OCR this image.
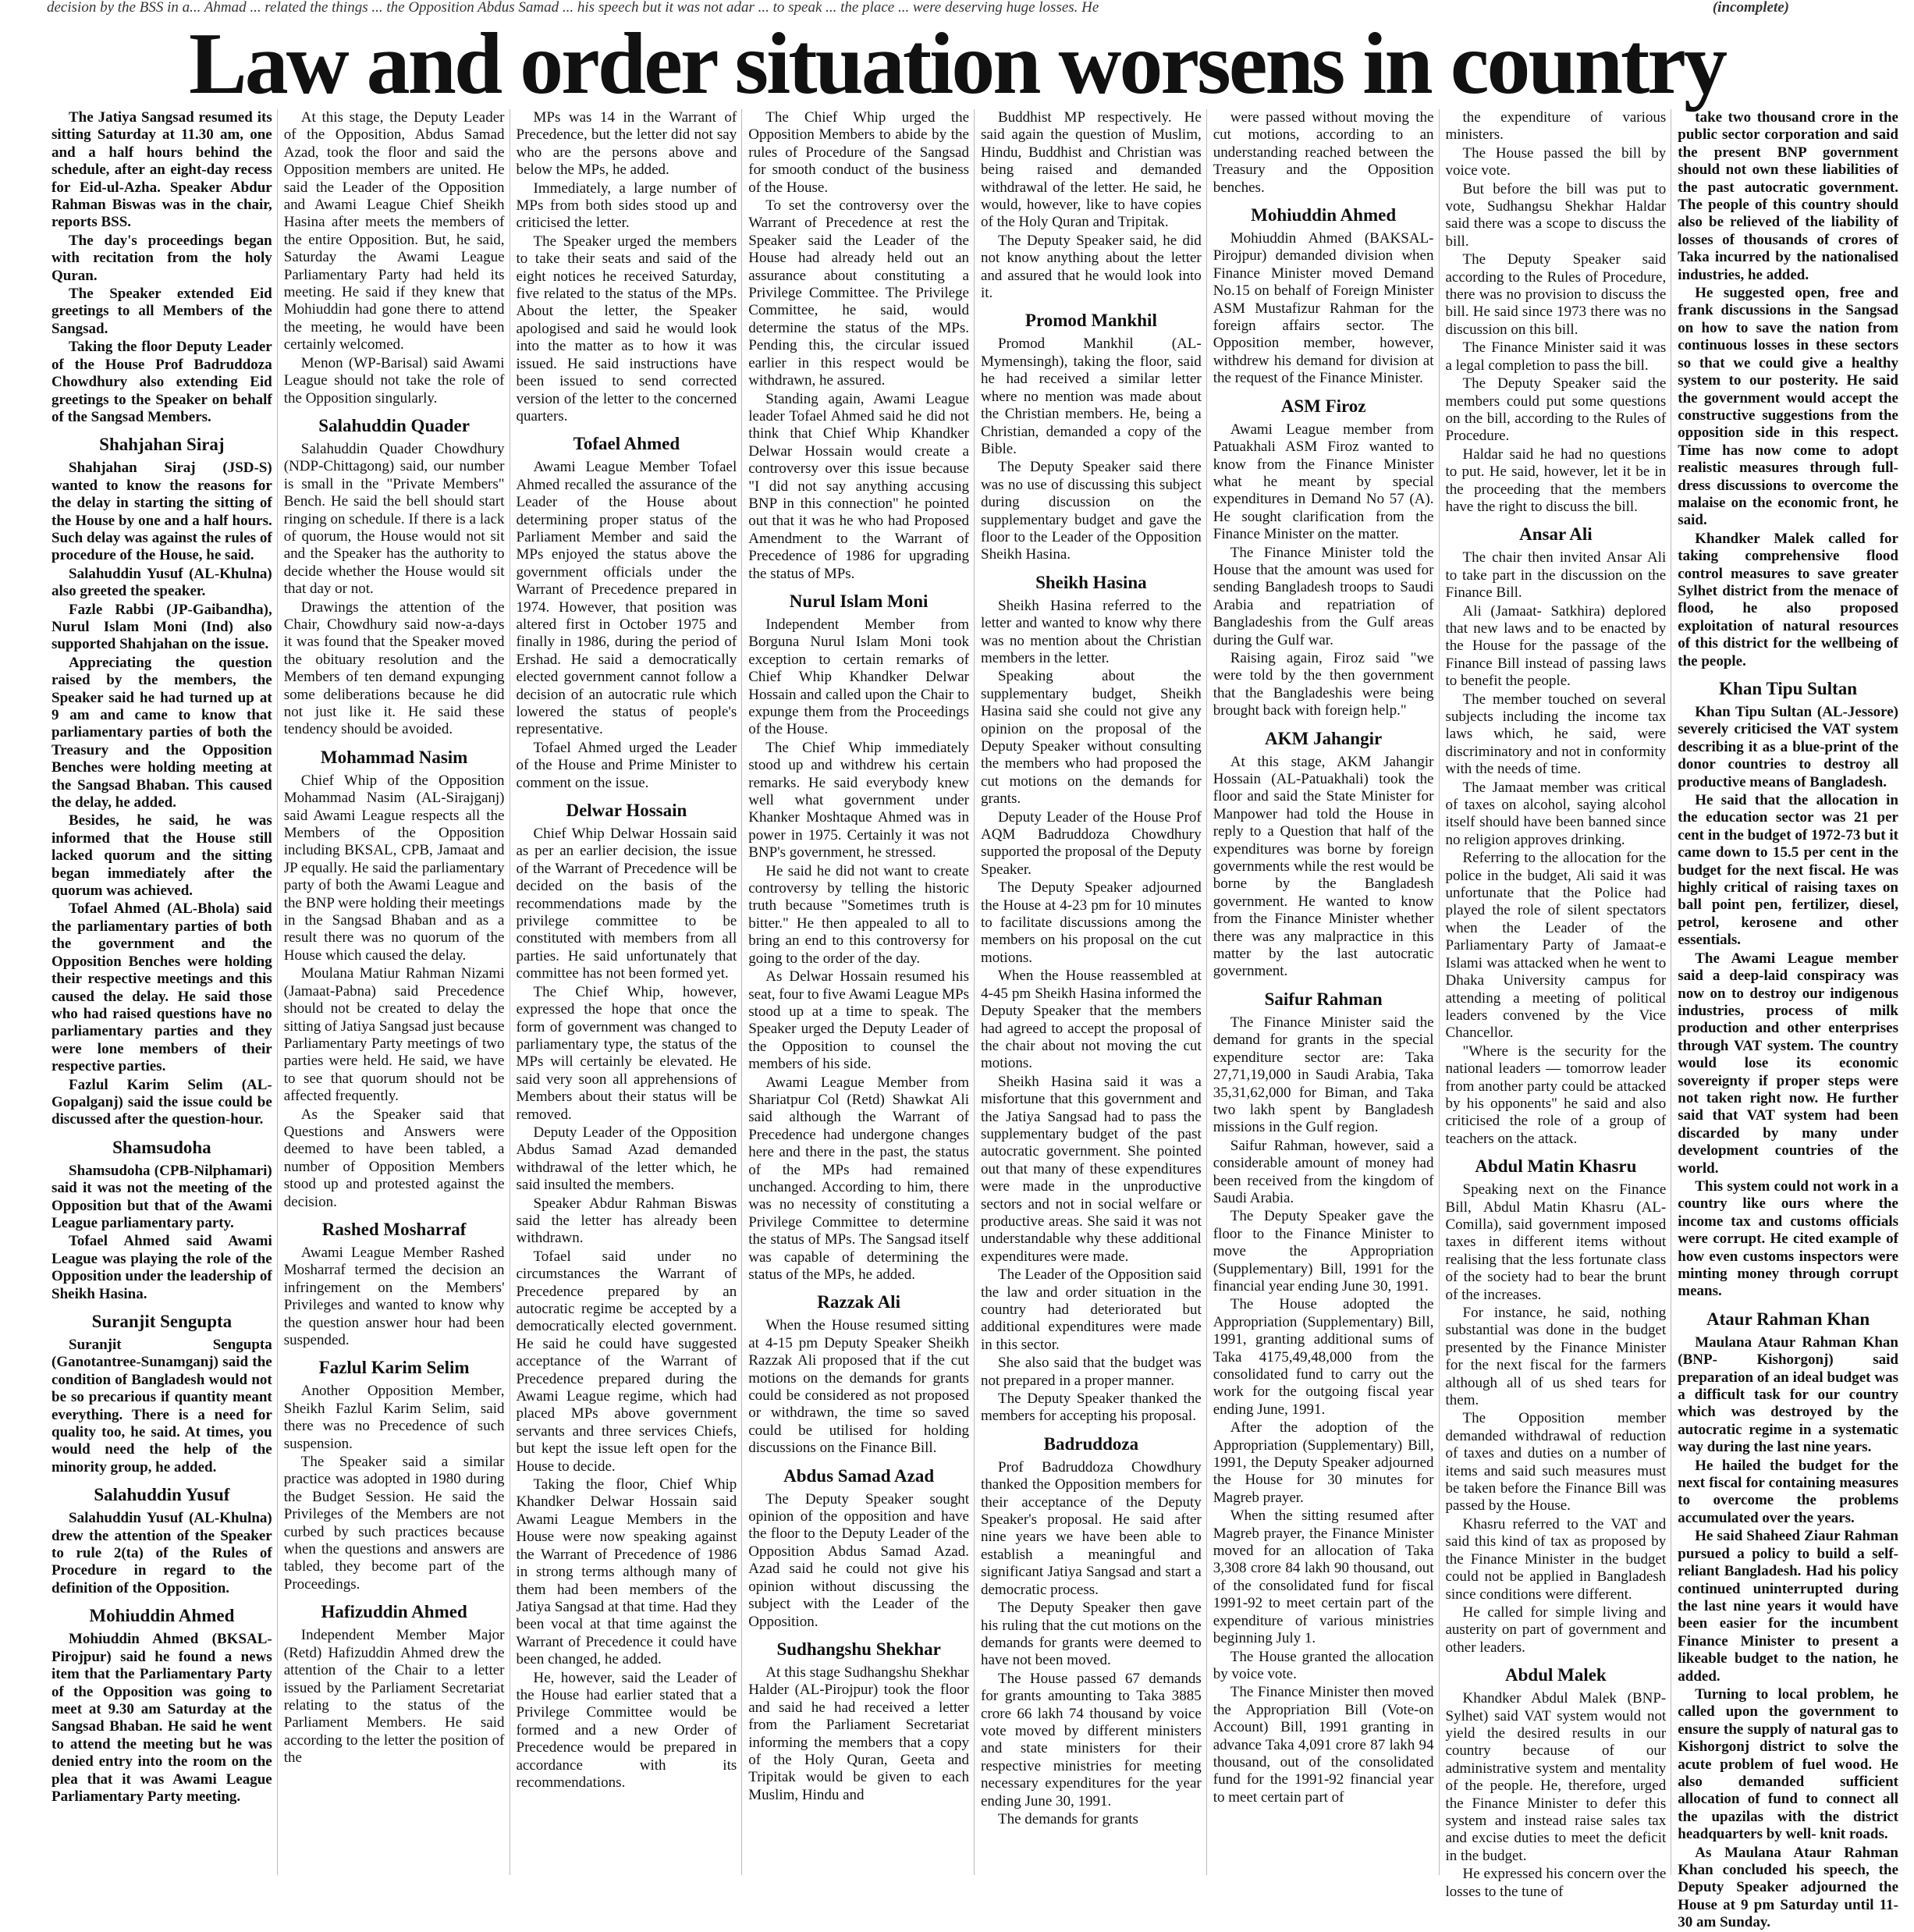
decision by the BSS in a... Ahmad ... related the things ... the Opposition Abdus Samad ... his speech but it was not adar ... to speak ... the place ... were deserving huge losses. He	(incomplete)
Law and order situation worsens in country

The Jatiya Sangsad resumed its sitting Saturday at 11.30 am, one and a half hours behind the schedule, after an eight-day recess for Eid-ul-Azha. Speaker Abdur Rahman Biswas was in the chair, reports BSS.

The day's proceedings began with recitation from the holy Quran.

The Speaker extended Eid greetings to all Members of the Sangsad.

Taking the floor Deputy Leader of the House Prof Badruddoza Chowdhury also extending Eid greetings to the Speaker on behalf of the Sangsad Members.

Shahjahan Siraj

Shahjahan Siraj (JSD-S) wanted to know the reasons for the delay in starting the sitting of the House by one and a half hours. Such delay was against the rules of procedure of the House, he said.

Salahuddin Yusuf (AL-Khulna) also greeted the speaker.

Fazle Rabbi (JP-Gaibandha), Nurul Islam Moni (Ind) also supported Shahjahan on the issue.

Appreciating the question raised by the members, the Speaker said he had turned up at 9 am and came to know that parliamentary parties of both the Treasury and the Opposition Benches were holding meeting at the Sangsad Bhaban. This caused the delay, he added.

Besides, he said, he was informed that the House still lacked quorum and the sitting began immediately after the quorum was achieved.

Tofael Ahmed (AL-Bhola) said the parliamentary parties of both the government and the Opposition Benches were holding their respective meetings and this caused the delay. He said those who had raised questions have no parliamentary parties and they were lone members of their respective parties.

Fazlul Karim Selim (AL-Gopalganj) said the issue could be discussed after the question-hour.

Shamsudoha

Shamsudoha (CPB-Nilphamari) said it was not the meeting of the Opposition but that of the Awami League parliamentary party.

Tofael Ahmed said Awami League was playing the role of the Opposition under the leadership of Sheikh Hasina.

Suranjit Sengupta

Suranjit Sengupta (Ganotantree-Sunamganj) said the condition of Bangladesh would not be so precarious if quantity meant everything. There is a need for quality too, he said. At times, you would need the help of the minority group, he added.

Salahuddin Yusuf

Salahuddin Yusuf (AL-Khulna) drew the attention of the Speaker to rule 2(ta) of the Rules of Procedure in regard to the definition of the Opposition.

Mohiuddin Ahmed

Mohiuddin Ahmed (BKSAL-Pirojpur) said he found a news item that the Parliamentary Party of the Opposition was going to meet at 9.30 am Saturday at the Sangsad Bhaban. He said he went to attend the meeting but he was denied entry into the room on the plea that it was Awami League Parliamentary Party meeting.

At this stage, the Deputy Leader of the Opposition, Abdus Samad Azad, took the floor and said the Opposition members are united. He said the Leader of the Opposition and Awami League Chief Sheikh Hasina after meets the members of the entire Opposition. But, he said, Saturday the Awami League Parliamentary Party had held its meeting. He said if they knew that Mohiuddin had gone there to attend the meeting, he would have been certainly welcomed.

Menon (WP-Barisal) said Awami League should not take the role of the Opposition singularly.

Salahuddin Quader

Salahuddin Quader Chowdhury (NDP-Chittagong) said, our number is small in the "Private Members" Bench. He said the bell should start ringing on schedule. If there is a lack of quorum, the House would not sit and the Speaker has the authority to decide whether the House would sit that day or not.

Drawings the attention of the Chair, Chowdhury said now-a-days it was found that the Speaker moved the obituary resolution and the Members of ten demand expunging some deliberations because he did not just like it. He said these tendency should be avoided.

Mohammad Nasim

Chief Whip of the Opposition Mohammad Nasim (AL-Sirajganj) said Awami League respects all the Members of the Opposition including BKSAL, CPB, Jamaat and JP equally. He said the parliamentary party of both the Awami League and the BNP were holding their meetings in the Sangsad Bhaban and as a result there was no quorum of the House which caused the delay.

Moulana Matiur Rahman Nizami (Jamaat-Pabna) said Precedence should not be created to delay the sitting of Jatiya Sangsad just because Parliamentary Party meetings of two parties were held. He said, we have to see that quorum should not be affected frequently.

As the Speaker said that Questions and Answers were deemed to have been tabled, a number of Opposition Members stood up and protested against the decision.

Rashed Mosharraf

Awami League Member Rashed Mosharraf termed the decision an infringement on the Members' Privileges and wanted to know why the question answer hour had been suspended.

Fazlul Karim Selim

Another Opposition Member, Sheikh Fazlul Karim Selim, said there was no Precedence of such suspension.

The Speaker said a similar practice was adopted in 1980 during the Budget Session. He said the Privileges of the Members are not curbed by such practices because when the questions and answers are tabled, they become part of the Proceedings.

Hafizuddin Ahmed

Independent Member Major (Retd) Hafizuddin Ahmed drew the attention of the Chair to a letter issued by the Parliament Secretariat relating to the status of the Parliament Members. He said according to the letter the position of the

MPs was 14 in the Warrant of Precedence, but the letter did not say who are the persons above and below the MPs, he added.

Immediately, a large number of MPs from both sides stood up and criticised the letter.

The Speaker urged the members to take their seats and said of the eight notices he received Saturday, five related to the status of the MPs. About the letter, the Speaker apologised and said he would look into the matter as to how it was issued. He said instructions have been issued to send corrected version of the letter to the concerned quarters.

Tofael Ahmed

Awami League Member Tofael Ahmed recalled the assurance of the Leader of the House about determining proper status of the Parliament Member and said the MPs enjoyed the status above the government officials under the Warrant of Precedence prepared in 1974. However, that position was altered first in October 1975 and finally in 1986, during the period of Ershad. He said a democratically elected government cannot follow a decision of an autocratic rule which lowered the status of people's representative.

Tofael Ahmed urged the Leader of the House and Prime Minister to comment on the issue.

Delwar Hossain

Chief Whip Delwar Hossain said as per an earlier decision, the issue of the Warrant of Precedence will be decided on the basis of the recommendations made by the privilege committee to be constituted with members from all parties. He said unfortunately that committee has not been formed yet.

The Chief Whip, however, expressed the hope that once the form of government was changed to parliamentary type, the status of the MPs will certainly be elevated. He said very soon all apprehensions of Members about their status will be removed.

Deputy Leader of the Opposition Abdus Samad Azad demanded withdrawal of the letter which, he said insulted the members.

Speaker Abdur Rahman Biswas said the letter has already been withdrawn.

Tofael said under no circumstances the Warrant of Precedence prepared by an autocratic regime be accepted by a democratically elected government. He said he could have suggested acceptance of the Warrant of Precedence prepared during the Awami League regime, which had placed MPs above government servants and three services Chiefs, but kept the issue left open for the House to decide.

Taking the floor, Chief Whip Khandker Delwar Hossain said Awami League Members in the House were now speaking against the Warrant of Precedence of 1986 in strong terms although many of them had been members of the Jatiya Sangsad at that time. Had they been vocal at that time against the Warrant of Precedence it could have been changed, he added.

He, however, said the Leader of the House had earlier stated that a Privilege Committee would be formed and a new Order of Precedence would be prepared in accordance with its recommendations.

The Chief Whip urged the Opposition Members to abide by the rules of Procedure of the Sangsad for smooth conduct of the business of the House.

To set the controversy over the Warrant of Precedence at rest the Speaker said the Leader of the House had already held out an assurance about constituting a Privilege Committee. The Privilege Committee, he said, would determine the status of the MPs. Pending this, the circular issued earlier in this respect would be withdrawn, he assured.

Standing again, Awami League leader Tofael Ahmed said he did not think that Chief Whip Khandker Delwar Hossain would create a controversy over this issue because "I did not say anything accusing BNP in this connection" he pointed out that it was he who had Proposed Amendment to the Warrant of Precedence of 1986 for upgrading the status of MPs.

Nurul Islam Moni

Independent Member from Borguna Nurul Islam Moni took exception to certain remarks of Chief Whip Khandker Delwar Hossain and called upon the Chair to expunge them from the Proceedings of the House.

The Chief Whip immediately stood up and withdrew his certain remarks. He said everybody knew well what government under Khanker Moshtaque Ahmed was in power in 1975. Certainly it was not BNP's government, he stressed.

He said he did not want to create controversy by telling the historic truth because "Sometimes truth is bitter." He then appealed to all to bring an end to this controversy for going to the order of the day.

As Delwar Hossain resumed his seat, four to five Awami League MPs stood up at a time to speak. The Speaker urged the Deputy Leader of the Opposition to counsel the members of his side.

Awami League Member from Shariatpur Col (Retd) Shawkat Ali said although the Warrant of Precedence had undergone changes here and there in the past, the status of the MPs had remained unchanged. According to him, there was no necessity of constituting a Privilege Committee to determine the status of MPs. The Sangsad itself was capable of determining the status of the MPs, he added.

Razzak Ali

When the House resumed sitting at 4-15 pm Deputy Speaker Sheikh Razzak Ali proposed that if the cut motions on the demands for grants could be considered as not proposed or withdrawn, the time so saved could be utilised for holding discussions on the Finance Bill.

Abdus Samad Azad

The Deputy Speaker sought opinion of the opposition and have the floor to the Deputy Leader of the Opposition Abdus Samad Azad. Azad said he could not give his opinion without discussing the subject with the Leader of the Opposition.

Sudhangshu Shekhar

At this stage Sudhangshu Shekhar Halder (AL-Pirojpur) took the floor and said he had received a letter from the Parliament Secretariat informing the members that a copy of the Holy Quran, Geeta and Tripitak would be given to each Muslim, Hindu and

Buddhist MP respectively. He said again the question of Muslim, Hindu, Buddhist and Christian was being raised and demanded withdrawal of the letter. He said, he would, however, like to have copies of the Holy Quran and Tripitak.

The Deputy Speaker said, he did not know anything about the letter and assured that he would look into it.

Promod Mankhil

Promod Mankhil (AL-Mymensingh), taking the floor, said he had received a similar letter where no mention was made about the Christian members. He, being a Christian, demanded a copy of the Bible.

The Deputy Speaker said there was no use of discussing this subject during discussion on the supplementary budget and gave the floor to the Leader of the Opposition Sheikh Hasina.

Sheikh Hasina

Sheikh Hasina referred to the letter and wanted to know why there was no mention about the Christian members in the letter.

Speaking about the supplementary budget, Sheikh Hasina said she could not give any opinion on the proposal of the Deputy Speaker without consulting the members who had proposed the cut motions on the demands for grants.

Deputy Leader of the House Prof AQM Badruddoza Chowdhury supported the proposal of the Deputy Speaker.

The Deputy Speaker adjourned the House at 4-23 pm for 10 minutes to facilitate discussions among the members on his proposal on the cut motions.

When the House reassembled at 4-45 pm Sheikh Hasina informed the Deputy Speaker that the members had agreed to accept the proposal of the chair about not moving the cut motions.

Sheikh Hasina said it was a misfortune that this government and the Jatiya Sangsad had to pass the supplementary budget of the past autocratic government. She pointed out that many of these expenditures were made in the unproductive sectors and not in social welfare or productive areas. She said it was not understandable why these additional expenditures were made.

The Leader of the Opposition said the law and order situation in the country had deteriorated but additional expenditures were made in this sector.

She also said that the budget was not prepared in a proper manner.

The Deputy Speaker thanked the members for accepting his proposal.

Badruddoza

Prof Badruddoza Chowdhury thanked the Opposition members for their acceptance of the Deputy Speaker's proposal. He said after nine years we have been able to establish a meaningful and significant Jatiya Sangsad and start a democratic process.

The Deputy Speaker then gave his ruling that the cut motions on the demands for grants were deemed to have not been moved.

The House passed 67 demands for grants amounting to Taka 3885 crore 66 lakh 74 thousand by voice vote moved by different ministers and state ministers for their respective ministries for meeting necessary expenditures for the year ending June 30, 1991.

The demands for grants

were passed without moving the cut motions, according to an understanding reached between the Treasury and the Opposition benches.

Mohiuddin Ahmed

Mohiuddin Ahmed (BAKSAL- Pirojpur) demanded division when Finance Minister moved Demand No.15 on behalf of Foreign Minister ASM Mustafizur Rahman for the foreign affairs sector. The Opposition member, however, withdrew his demand for division at the request of the Finance Minister.

ASM Firoz

Awami League member from Patuakhali ASM Firoz wanted to know from the Finance Minister what he meant by special expenditures in Demand No 57 (A). He sought clarification from the Finance Minister on the matter.

The Finance Minister told the House that the amount was used for sending Bangladesh troops to Saudi Arabia and repatriation of Bangladeshis from the Gulf areas during the Gulf war.

Raising again, Firoz said "we were told by the then government that the Bangladeshis were being brought back with foreign help."

AKM Jahangir

At this stage, AKM Jahangir Hossain (AL-Patuakhali) took the floor and said the State Minister for Manpower had told the House in reply to a Question that half of the expenditures was borne by foreign governments while the rest would be borne by the Bangladesh government. He wanted to know from the Finance Minister whether there was any malpractice in this matter by the last autocratic government.

Saifur Rahman

The Finance Minister said the demand for grants in the special expenditure sector are: Taka 27,71,19,000 in Saudi Arabia, Taka 35,31,62,000 for Biman, and Taka two lakh spent by Bangladesh missions in the Gulf region.

Saifur Rahman, however, said a considerable amount of money had been received from the kingdom of Saudi Arabia.

The Deputy Speaker gave the floor to the Finance Minister to move the Appropriation (Supplementary) Bill, 1991 for the financial year ending June 30, 1991.

The House adopted the Appropriation (Supplementary) Bill, 1991, granting additional sums of Taka 4175,49,48,000 from the consolidated fund to carry out the work for the outgoing fiscal year ending June, 1991.

After the adoption of the Appropriation (Supplementary) Bill, 1991, the Deputy Speaker adjourned the House for 30 minutes for Magreb prayer.

When the sitting resumed after Magreb prayer, the Finance Minister moved for an allocation of Taka 3,308 crore 84 lakh 90 thousand, out of the consolidated fund for fiscal 1991-92 to meet certain part of the expenditure of various ministries beginning July 1.

The House granted the allocation by voice vote.

The Finance Minister then moved the Appropriation Bill (Vote-on Account) Bill, 1991 granting in advance Taka 4,091 crore 87 lakh 94 thousand, out of the consolidated fund for the 1991-92 financial year to meet certain part of

the expenditure of various ministers.

The House passed the bill by voice vote.

But before the bill was put to vote, Sudhangsu Shekhar Haldar said there was a scope to discuss the bill.

The Deputy Speaker said according to the Rules of Procedure, there was no provision to discuss the bill. He said since 1973 there was no discussion on this bill.

The Finance Minister said it was a legal completion to pass the bill.

The Deputy Speaker said the members could put some questions on the bill, according to the Rules of Procedure.

Haldar said he had no questions to put. He said, however, let it be in the proceeding that the members have the right to discuss the bill.

Ansar Ali

The chair then invited Ansar Ali to take part in the discussion on the Finance Bill.

Ali (Jamaat- Satkhira) deplored that new laws and to be enacted by the House for the passage of the Finance Bill instead of passing laws to benefit the people.

The member touched on several subjects including the income tax laws which, he said, were discriminatory and not in conformity with the needs of time.

The Jamaat member was critical of taxes on alcohol, saying alcohol itself should have been banned since no religion approves drinking.

Referring to the allocation for the police in the budget, Ali said it was unfortunate that the Police had played the role of silent spectators when the Leader of the Parliamentary Party of Jamaat-e Islami was attacked when he went to Dhaka University campus for attending a meeting of political leaders convened by the Vice Chancellor.

"Where is the security for the national leaders — tomorrow leader from another party could be attacked by his opponents" he said and also criticised the role of a group of teachers on the attack.

Abdul Matin Khasru

Speaking next on the Finance Bill, Abdul Matin Khasru (AL- Comilla), said government imposed taxes in different items without realising that the less fortunate class of the society had to bear the brunt of the increases.

For instance, he said, nothing substantial was done in the budget presented by the Finance Minister for the next fiscal for the farmers although all of us shed tears for them.

The Opposition member demanded withdrawal of reduction of taxes and duties on a number of items and said such measures must be taken before the Finance Bill was passed by the House.

Khasru referred to the VAT and said this kind of tax as proposed by the Finance Minister in the budget could not be applied in Bangladesh since conditions were different.

He called for simple living and austerity on part of government and other leaders.

Abdul Malek

Khandker Abdul Malek (BNP- Sylhet) said VAT system would not yield the desired results in our country because of our administrative system and mentality of the people. He, therefore, urged the Finance Minister to defer this system and instead raise sales tax and excise duties to meet the deficit in the budget.

He expressed his concern over the losses to the tune of

take two thousand crore in the public sector corporation and said the present BNP government should not own these liabilities of the past autocratic government. The people of this country should also be relieved of the liability of losses of thousands of crores of Taka incurred by the nationalised industries, he added.

He suggested open, free and frank discussions in the Sangsad on how to save the nation from continuous losses in these sectors so that we could give a healthy system to our posterity. He said the government would accept the constructive suggestions from the opposition side in this respect. Time has now come to adopt realistic measures through full-dress discussions to overcome the malaise on the economic front, he said.

Khandker Malek called for taking comprehensive flood control measures to save greater Sylhet district from the menace of flood, he also proposed exploitation of natural resources of this district for the wellbeing of the people.

Khan Tipu Sultan

Khan Tipu Sultan (AL-Jessore) severely criticised the VAT system describing it as a blue-print of the donor countries to destroy all productive means of Bangladesh.

He said that the allocation in the education sector was 21 per cent in the budget of 1972-73 but it came down to 15.5 per cent in the budget for the next fiscal. He was highly critical of raising taxes on ball point pen, fertilizer, diesel, petrol, kerosene and other essentials.

The Awami League member said a deep-laid conspiracy was now on to destroy our indigenous industries, process of milk production and other enterprises through VAT system. The country would lose its economic sovereignty if proper steps were not taken right now. He further said that VAT system had been discarded by many under development countries of the world.

This system could not work in a country like ours where the income tax and customs officials were corrupt. He cited example of how even customs inspectors were minting money through corrupt means.

Ataur Rahman Khan

Maulana Ataur Rahman Khan (BNP- Kishorgonj) said preparation of an ideal budget was a difficult task for our country which was destroyed by the autocratic regime in a systematic way during the last nine years.

He hailed the budget for the next fiscal for containing measures to overcome the problems accumulated over the years.

He said Shaheed Ziaur Rahman pursued a policy to build a self- reliant Bangladesh. Had his policy continued uninterrupted during the last nine years it would have been easier for the incumbent Finance Minister to present a likeable budget to the nation, he added.

Turning to local problem, he called upon the government to ensure the supply of natural gas to Kishorgonj district to solve the acute problem of fuel wood. He also demanded sufficient allocation of fund to connect all the upazilas with the district headquarters by well- knit roads.

As Maulana Ataur Rahman Khan concluded his speech, the Deputy Speaker adjourned the House at 9 pm Saturday until 11-30 am Sunday.
